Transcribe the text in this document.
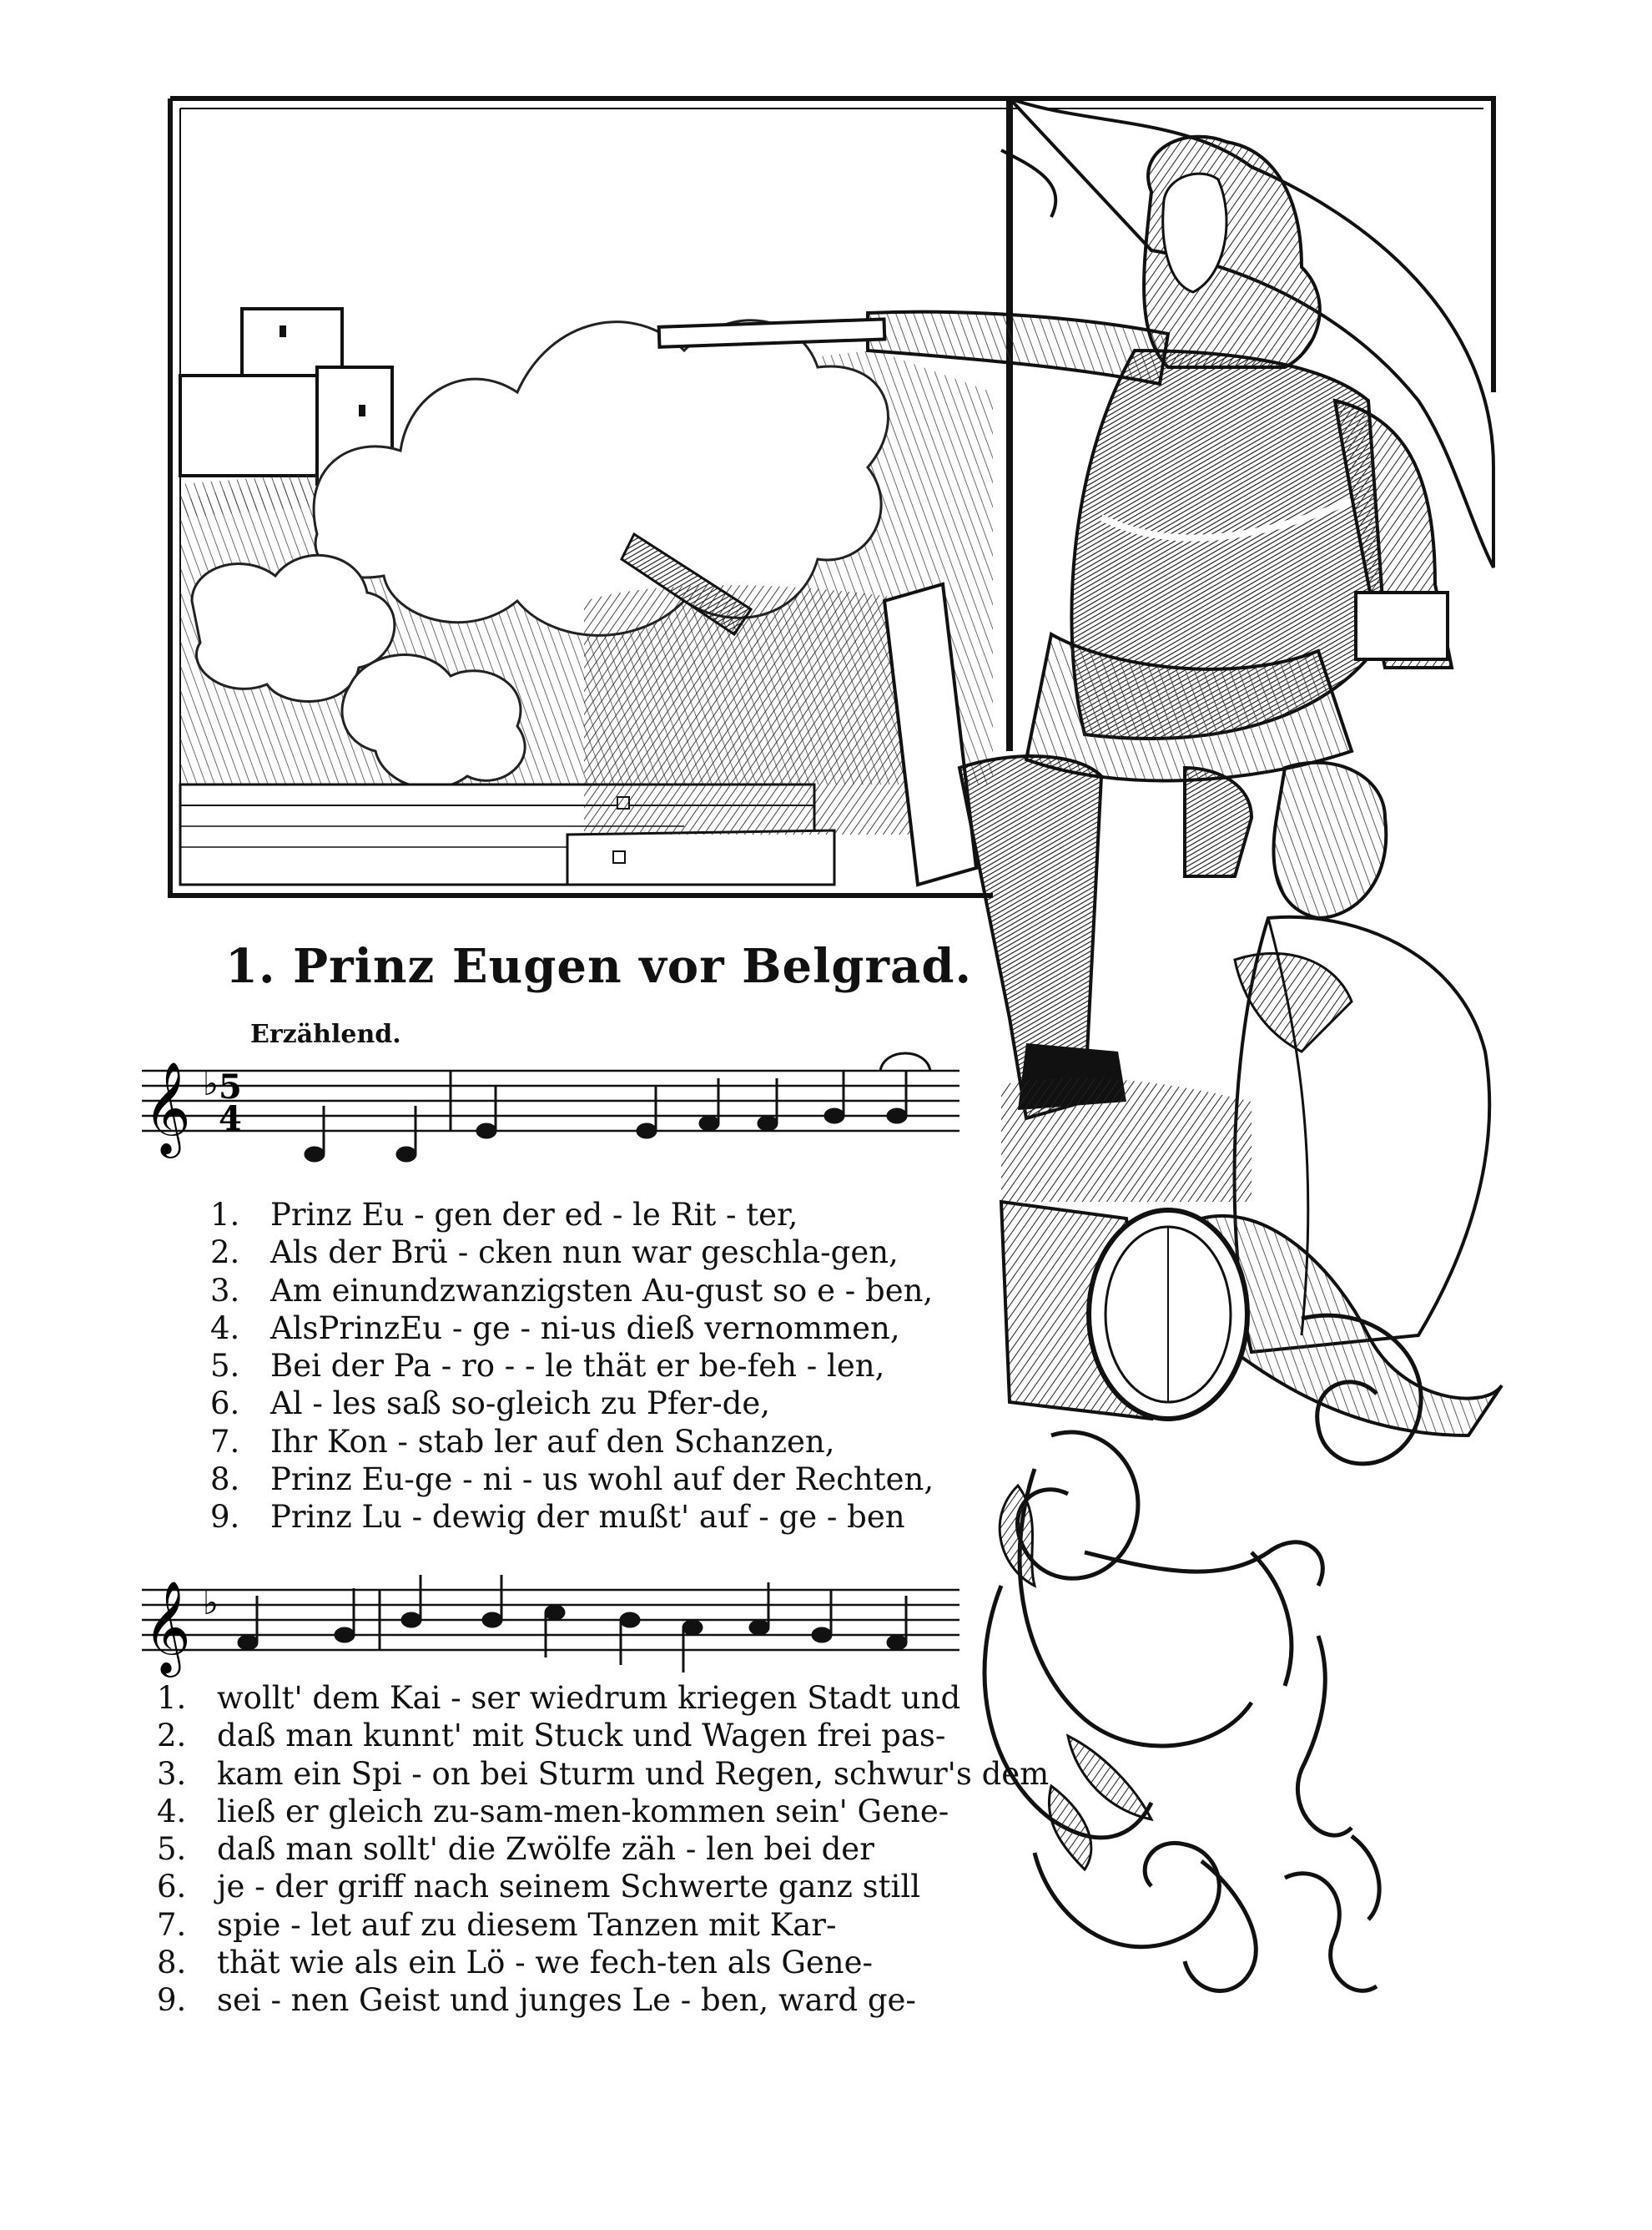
1. Prinz Eugen vor Belgrad.
Erzählend.
𝄞 ♭ 5
4
1. Prinz Eu - gen der ed - le Rit - ter,
2. Als der Brü - cken nun war geschla-gen,
3. Am einundzwanzigsten Au-gust so e - ben,
4. AlsPrinzEu - ge - ni-us dieß vernommen,
5. Bei der Pa - ro - - le thät er be-feh - len,
6. Al - les saß so-gleich zu Pfer-de,
7. Ihr Kon - stab ler auf den Schanzen,
8. Prinz Eu-ge - ni - us wohl auf der Rechten,
9. Prinz Lu - dewig der mußt' auf - ge - ben
𝄞 ♭
1. wollt' dem Kai - ser wiedrum kriegen Stadt und
2. daß man kunnt' mit Stuck und Wagen frei pas-
3. kam ein Spi - on bei Sturm und Regen, schwur's dem
4. ließ er gleich zu-sam-men-kommen sein' Gene-
5. daß man sollt' die Zwölfe zäh - len bei der
6. je - der griff nach seinem Schwerte ganz still
7. spie - let auf zu diesem Tanzen mit Kar-
8. thät wie als ein Lö - we fech-ten als Gene-
9. sei - nen Geist und junges Le - ben, ward ge-
